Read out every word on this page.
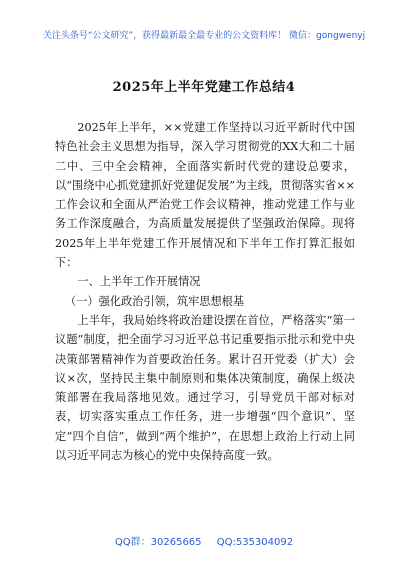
关注头条号“公文研究”，获得最新最全最专业的公文资料库！ 微信：gongwenyj
2025年上半年党建工作总结4

2025年上半年，××党建工作坚持以习近平新时代中国特色社会主义思想为指导，深入学习贯彻党的XX大和二十届二中、三中全会精神，全面落实新时代党的建设总要求，以“围绕中心抓党建抓好党建促发展”为主线，贯彻落实省××工作会议和全面从严治党工作会议精神，推动党建工作与业务工作深度融合，为高质量发展提供了坚强政治保障。现将2025年上半年党建工作开展情况和下半年工作打算汇报如下：

一、上半年工作开展情况

（一）强化政治引领，筑牢思想根基

上半年，我局始终将政治建设摆在首位，严格落实“第一议题”制度，把全面学习习近平总书记重要指示批示和党中央决策部署精神作为首要政治任务。累计召开党委（扩大）会议×次，坚持民主集中制原则和集体决策制度，确保上级决策部署在我局落地见效。通过学习，引导党员干部对标对表，切实落实重点工作任务，进一步增强“四个意识”、坚定“四个自信”，做到“两个维护”，在思想上政治上行动上同以习近平同志为核心的党中央保持高度一致。

QQ群：30265665 QQ:535304092
